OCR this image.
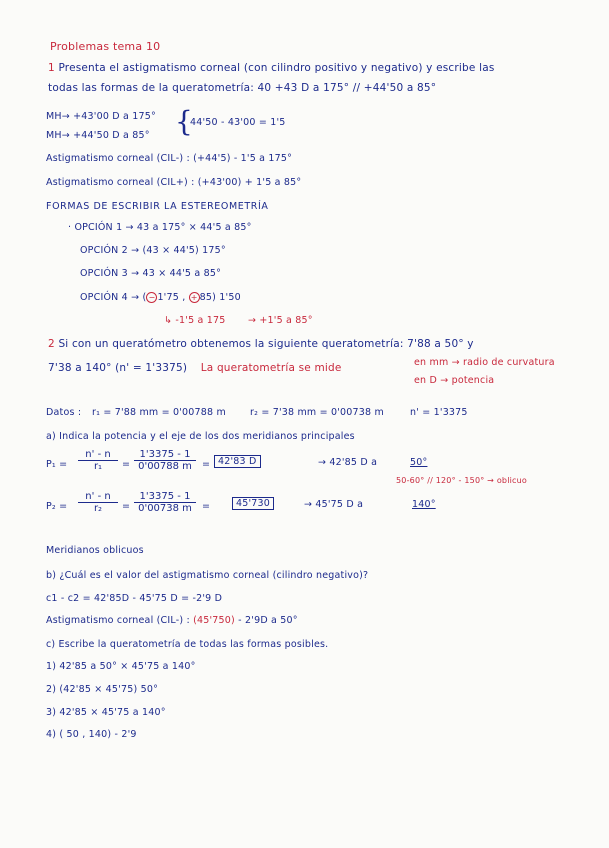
Problemas tema 10
1 Presenta el astigmatismo corneal (con cilindro positivo y negativo) y escribe las
todas las formas de la queratometría: 40 +43 D a 175° // +44'50 a 85°
MH→ +43'00 D a 175°
MH→ +44'50 D a 85° {
44'50 - 43'00 = 1'5
Astigmatismo corneal (CIL-) : (+44'5) - 1'5 a 175°
Astigmatismo corneal (CIL+) : (+43'00) + 1'5 a 85°
FORMAS DE ESCRIBIR LA ESTEREOMETRÍA
· OPCIÓN 1 → 43 a 175° × 44'5 a 85°
OPCIÓN 2 → (43 × 44'5) 175°
OPCIÓN 3 → 43 × 44'5 a 85°
OPCIÓN 4 → ( − 1'75 , + 85) 1'50
↳ -1'5 a 175 → +1'5 a 85°
2 Si con un queratómetro obtenemos la siguiente queratometría: 7'88 a 50° y
7'38 a 140° (n' = 1'3375) La queratometría se mide	en mm → radio de curvatura
en D → potencia
Datos : r₁ = 7'88 mm = 0'00788 m	r₂ = 7'38 mm = 0'00738 m	n' = 1'3375
a) Indica la potencia y el eje de los dos meridianos principales
$P_1 = \frac{n' - n}{\text{r₁}} = \frac{1'3375 - 1}{0'00788 m} = 42'83$ D	→ 42'85 D a	50°
50-60° // 120° - 150° → oblicuo
$P_2 = \frac{n' - n}{\text{r₂}} = \frac{1'3375 - 1}{0'00738 m}$ =	45'730	→ 45'75 D a	140°
Meridianos oblicuos
b) ¿Cuál es el valor del astigmatismo corneal (cilindro negativo)?
c1 - c2 = 42'85D - 45'75 D = -2'9 D
Astigmatismo corneal (CIL-) : (45'750) - 2'9D a 50°
c) Escribe la queratometría de todas las formas posibles.
1) 42'85 a 50° × 45'75 a 140°
2) (42'85 × 45'75) 50°
3) 42'85 × 45'75 a 140°
4) ( 50 , 140) - 2'9
